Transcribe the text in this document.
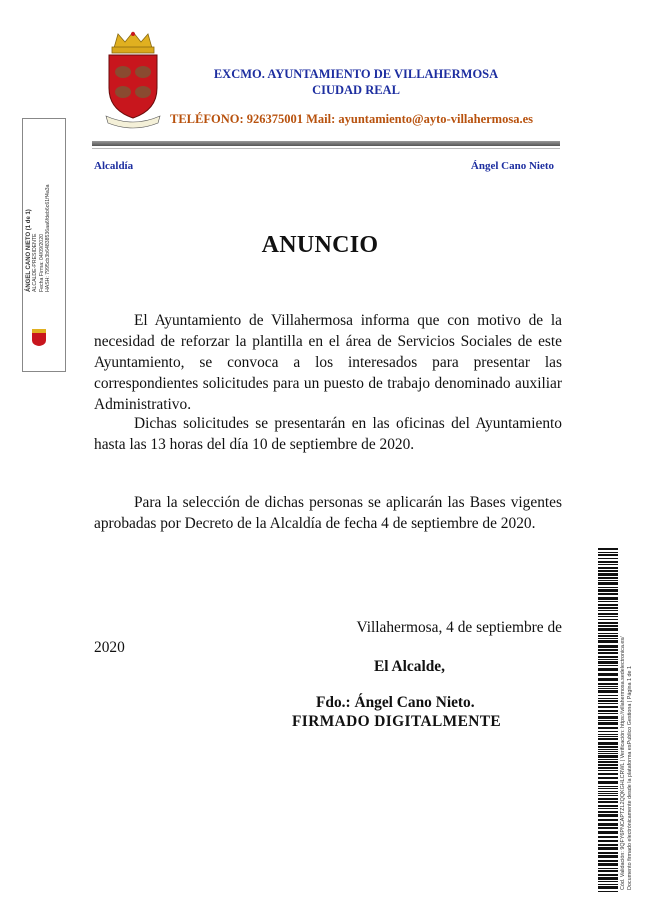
EXCMO. AYUNTAMIENTO DE VILLAHERMOSA
CIUDAD REAL
TELÉFONO: 926375001 Mail: ayuntamiento@ayto-villahermosa.es
Alcaldía	Ángel Cano Nieto
ÁNGEL CANO NIETO (1 de 1) ALCALDE-PRESIDENTE Fecha Firma: 04/09/2020 HASH: 7995cb3b64838536aa6fdeb6c61ff4a3a	ANUNCIO

El Ayuntamiento de Villahermosa informa que con motivo de la necesidad de reforzar la plantilla en el área de Servicios Sociales de este Ayuntamiento, se convoca a los interesados para presentar las correspondientes solicitudes para un puesto de trabajo denominado auxiliar Administrativo.

Dichas solicitudes se presentarán en las oficinas del Ayuntamiento hasta las 13 horas del día 10 de septiembre de 2020.

Para la selección de dichas personas se aplicarán las Bases vigentes aprobadas por Decreto de la Alcaldía de fecha 4 de septiembre de 2020.

Villahermosa, 4 de septiembre de
2020
El Alcalde,
Fdo.: Ángel Cano Nieto.
FIRMADO DIGITALMENTE	Cód. Validación: 9QFY6PNCAPTZL2QQKGHLCRWL | Verificación: https://villahermosa.sedelectronica.es/ Documento firmado electrónicamente desde la plataforma esPublico Gestiona | Página 1 de 1
